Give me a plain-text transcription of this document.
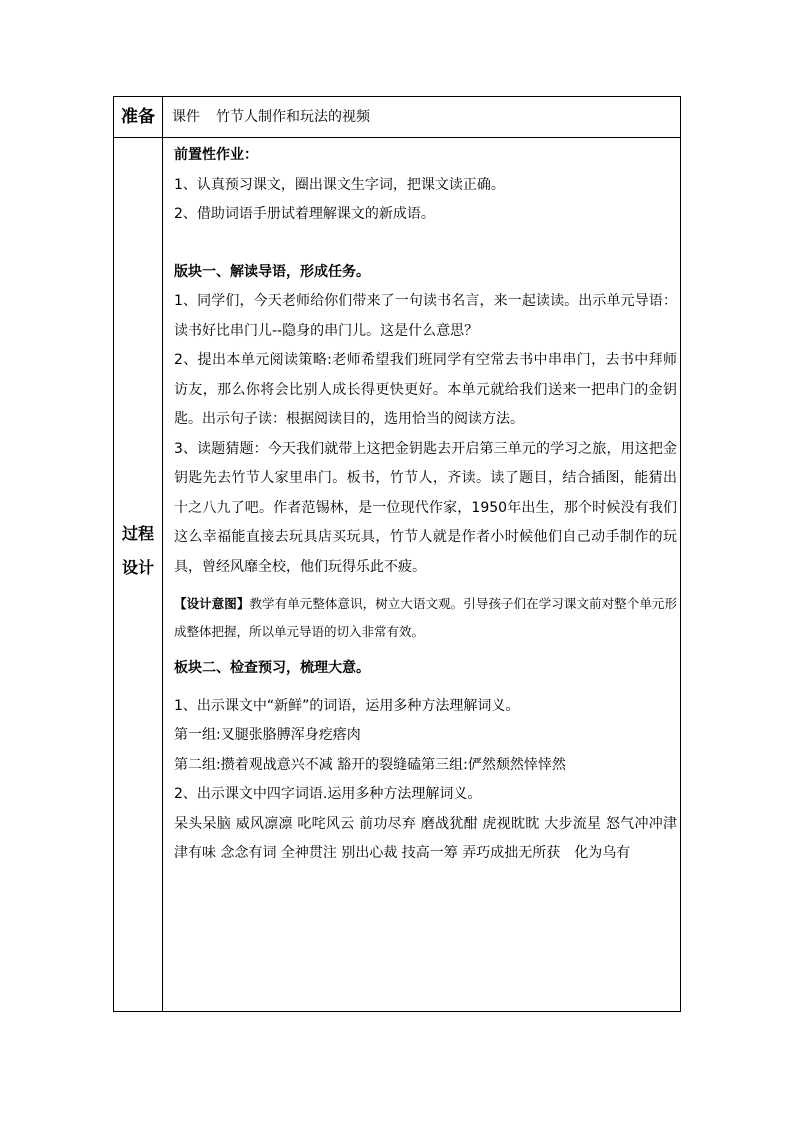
准备	课件 竹节人制作和玩法的视频
过程
设计

前置性作业：

1、认真预习课文，圈出课文生字词，把课文读正确。

2、借助词语手册试着理解课文的新成语。

版块一、解读导语，形成任务。

1、同学们，今天老师给你们带来了一句读书名言，来一起读读。出示单元导语：读书好比串门儿--隐身的串门儿。这是什么意思？

2、提出本单元阅读策略:老师希望我们班同学有空常去书中串串门，去书中拜师访友，那么你将会比别人成长得更快更好。本单元就给我们送来一把串门的金钥匙。出示句子读：根据阅读目的，选用恰当的阅读方法。

3、读题猜题：今天我们就带上这把金钥匙去开启第三单元的学习之旅，用这把金钥匙先去竹节人家里串门。板书，竹节人，齐读。读了题目，结合插图，能猜出十之八九了吧。作者范锡林，是一位现代作家，1950年出生，那个时候没有我们这么幸福能直接去玩具店买玩具，竹节人就是作者小时候他们自己动手制作的玩具，曾经风靡全校，他们玩得乐此不疲。

【设计意图】教学有单元整体意识，树立大语文观。引导孩子们在学习课文前对整个单元形成整体把握，所以单元导语的切入非常有效。

板块二、检查预习，梳理大意。

1、出示课文中“新鲜”的词语，运用多种方法理解词义。

第一组:叉腿张胳膊浑身疙瘩肉

第二组:攒着观战意兴不减 豁开的裂缝磕第三组:俨然颓然悻悻然

2、出示课文中四字词语.运用多种方法理解词义。

呆头呆脑 威风凛凛 叱咤风云 前功尽弃 磨战犹酣 虎视眈眈 大步流星 怒气冲冲津津有味 念念有词 全神贯注 别出心裁 技高一筹 弄巧成拙无所获　化为乌有
